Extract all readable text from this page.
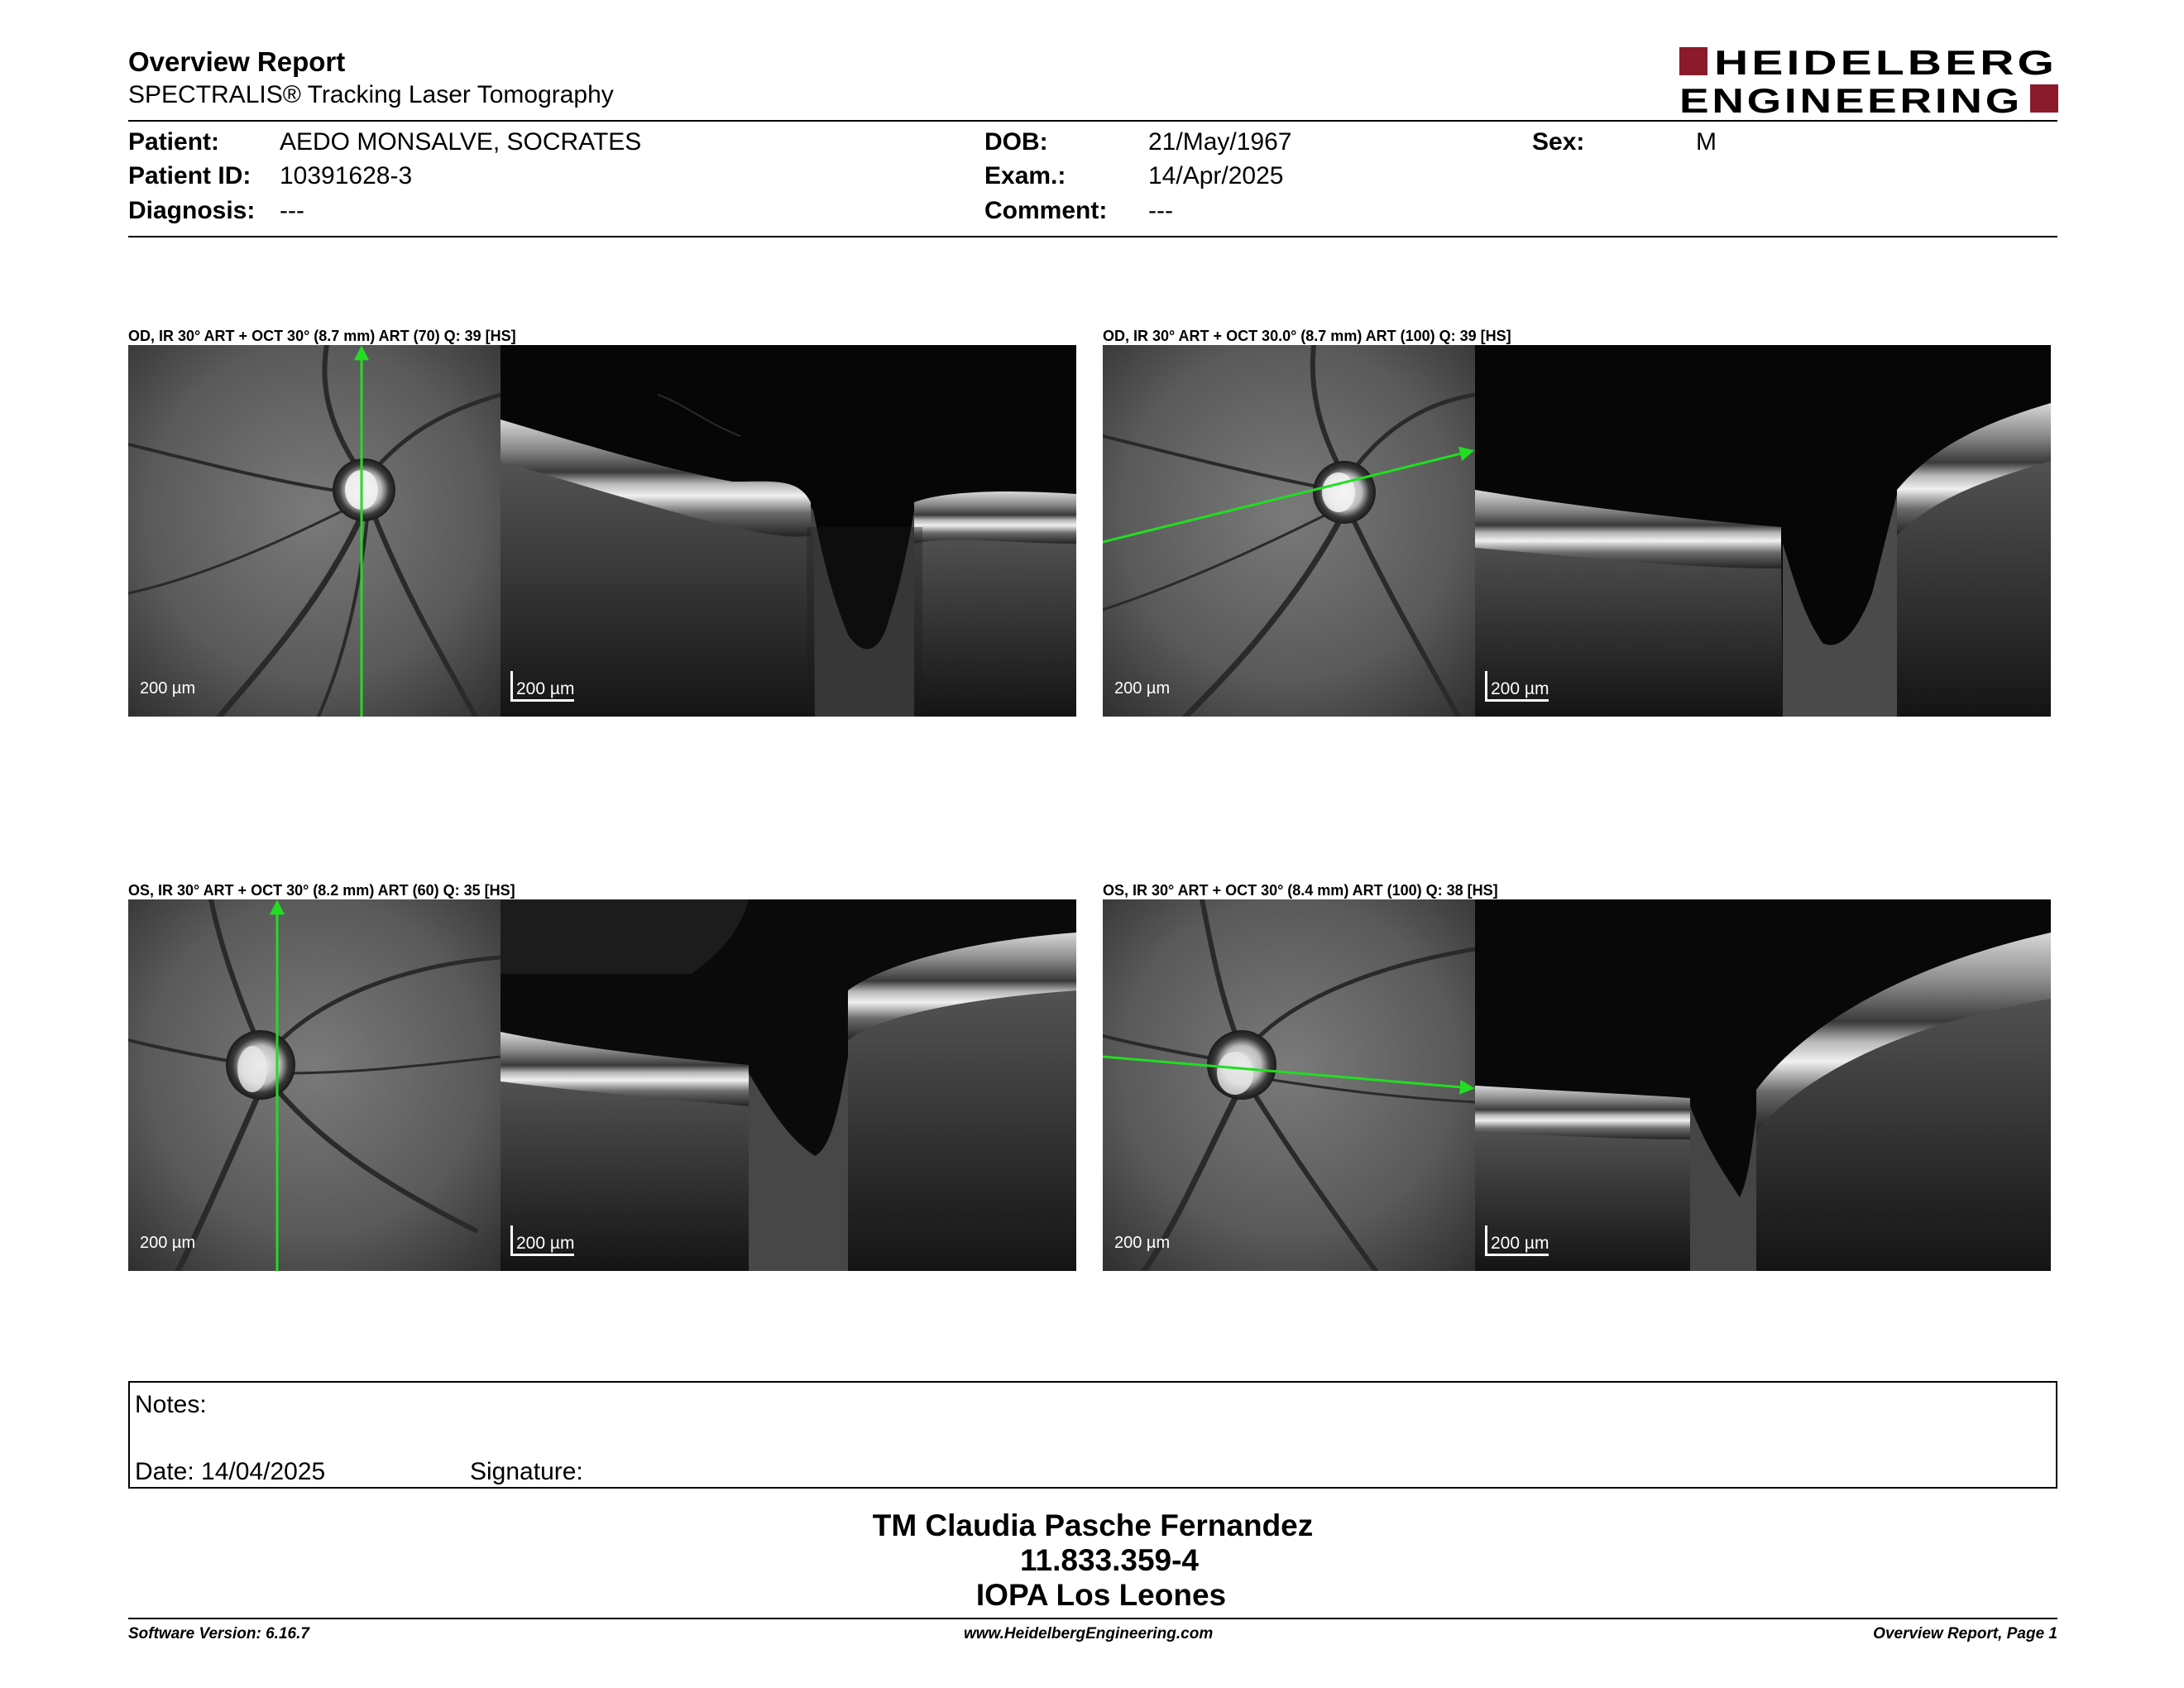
Overview Report
SPECTRALIS® Tracking Laser Tomography
HEIDELBERG
ENGINEERING
Patient: AEDO MONSALVE, SOCRATES
Patient ID: 10391628-3
Diagnosis: ---
DOB:	21/May/1967
Exam.:	14/Apr/2025
Comment: ---
Sex:	M
OD, IR 30° ART + OCT 30° (8.7 mm) ART (70) Q: 39 [HS]
200 µm	200 µm
OD, IR 30° ART + OCT 30.0° (8.7 mm) ART (100) Q: 39 [HS]
200 µm	200 µm
OS, IR 30° ART + OCT 30° (8.2 mm) ART (60) Q: 35 [HS]
200 µm	200 µm
OS, IR 30° ART + OCT 30° (8.4 mm) ART (100) Q: 38 [HS]
200 µm	200 µm
Notes:
Date: 14/04/2025	Signature:
TM Claudia Pasche Fernandez
11.833.359-4
IOPA Los Leones
Software Version: 6.16.7	www.HeidelbergEngineering.com	Overview Report, Page 1
